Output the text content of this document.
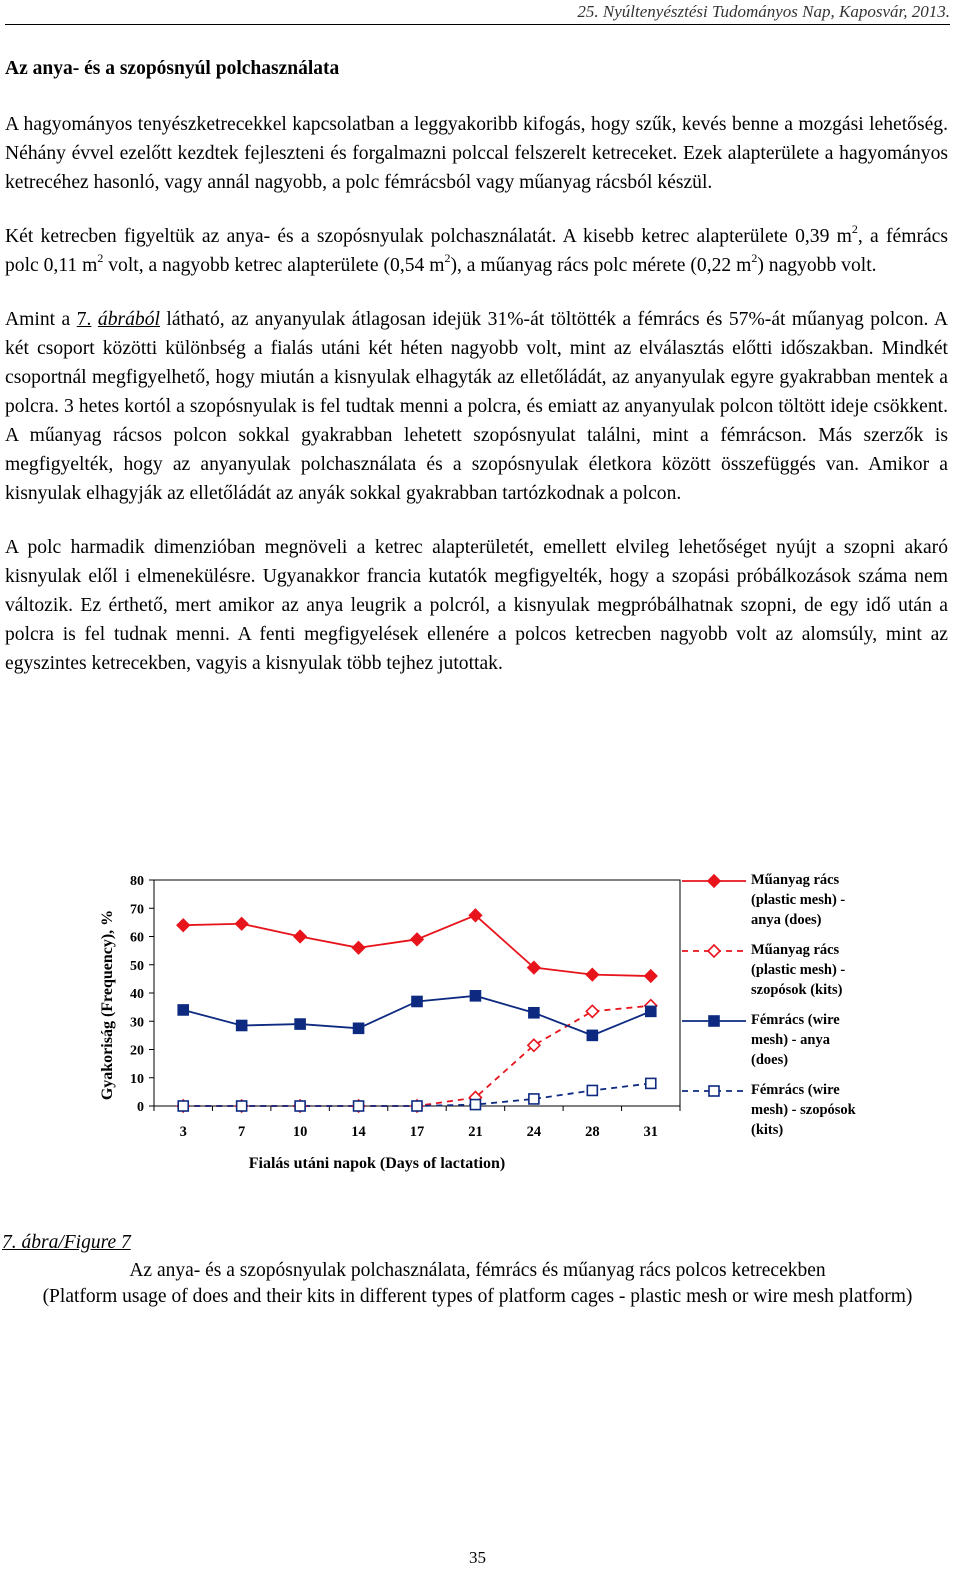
25. Nyúltenyésztési Tudományos Nap, Kaposvár, 2013.
Az anya- és a szopósnyúl polchasználata

A hagyományos tenyészketrecekkel kapcsolatban a leggyakoribb kifogás, hogy szűk, kevés benne a mozgási lehetőség. Néhány évvel ezelőtt kezdtek fejleszteni és forgalmazni polccal felszerelt ketreceket. Ezek alapterülete a hagyományos ketrecéhez hasonló, vagy annál nagyobb, a polc fémrácsból vagy műanyag rácsból készül.

Két ketrecben figyeltük az anya- és a szopósnyulak polchasználatát. A kisebb ketrec alapterülete 0,39 $m^2$, a fémrács polc 0,11 $m^2$ volt, a nagyobb ketrec alapterülete (0,54 $m^2$), a műanyag rács polc mérete (0,22 $m^2$) nagyobb volt.

Amint a 7. ábrából látható, az anyanyulak átlagosan idejük 31%-át töltötték a fémrács és 57%-át műanyag polcon. A két csoport közötti különbség a fialás utáni két héten nagyobb volt, mint az elválasztás előtti időszakban. Mindkét csoportnál megfigyelhető, hogy miután a kisnyulak elhagyták az elletőládát, az anyanyulak egyre gyakrabban mentek a polcra. 3 hetes kortól a szopósnyulak is fel tudtak menni a polcra, és emiatt az anyanyulak polcon töltött ideje csökkent. A műanyag rácsos polcon sokkal gyakrabban lehetett szopósnyulat találni, mint a fémrácson. Más szerzők is megfigyelték, hogy az anyanyulak polchasználata és a szopósnyulak életkora között összefüggés van. Amikor a kisnyulak elhagyják az elletőládát az anyák sokkal gyakrabban tartózkodnak a polcon.

A polc harmadik dimenzióban megnöveli a ketrec alapterületét, emellett elvileg lehetőséget nyújt a szopni akaró kisnyulak elől i elmenekülésre. Ugyanakkor francia kutatók megfigyelték, hogy a szopási próbálkozások száma nem változik. Ez érthető, mert amikor az anya leugrik a polcról, a kisnyulak megpróbálhatnak szopni, de egy idő után a polcra is fel tudnak menni. A fenti megfigyelések ellenére a polcos ketrecben nagyobb volt az alomsúly, mint az egyszintes ketrecekben, vagyis a kisnyulak több tejhez jutottak.

0
10
20
30
40
50
60
70
80
3	7	10	14	17	21	24	28	31
Fialás utáni napok (Days of lactation)
Gyakoriság (Frequency), %
Műanyag rács
(plastic mesh) -
anya (does)
Műanyag rács
(plastic mesh) -
szopósok (kits)
Fémrács (wire
mesh) - anya
(does)
Fémrács (wire
mesh) - szopósok
(kits)
7. ábra/Figure 7
Az anya- és a szopósnyulak polchasználata, fémrács és műanyag rács polcos ketrecekben
(Platform usage of does and their kits in different types of platform cages - plastic mesh or wire mesh platform)
35
